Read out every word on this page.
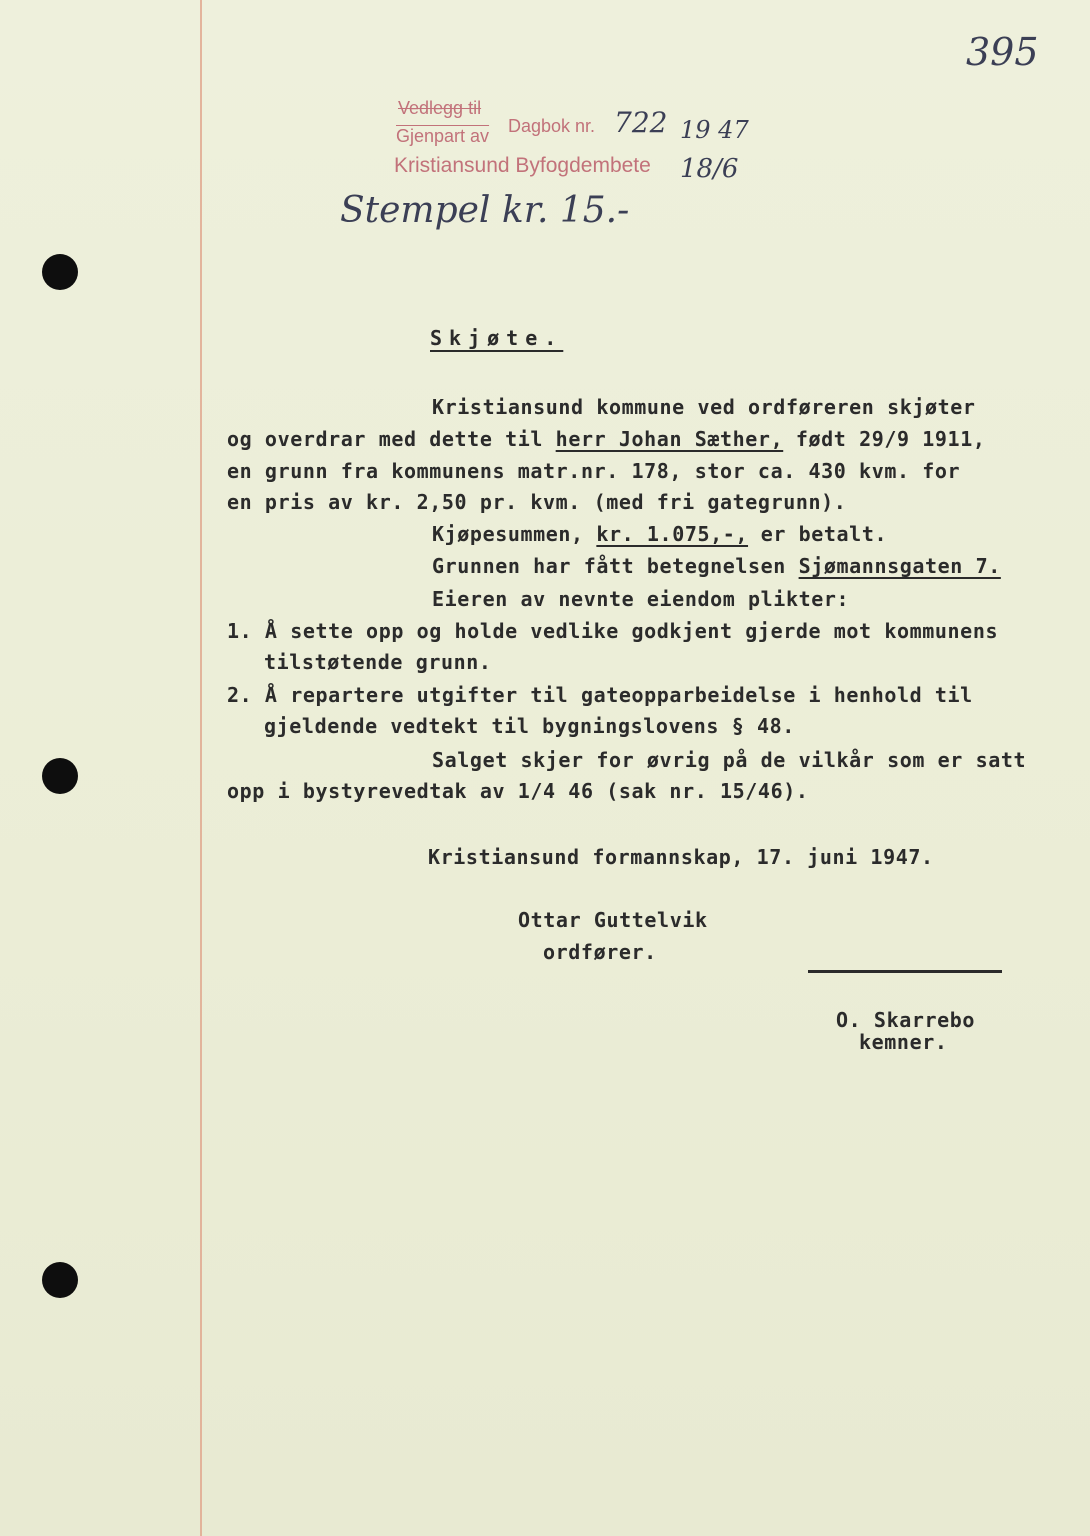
395
Vedlegg til
Gjenpart av Dagbok nr. 722 19 47
Kristiansund Byfogdembete 18/6
Stempel kr. 15.-
Skjøte.
Kristiansund kommune ved ordføreren skjøter
og overdrar med dette til herr Johan Sæther, født 29/9 1911,
en grunn fra kommunens matr.nr. 178, stor ca. 430 kvm. for
en pris av kr. 2,50 pr. kvm. (med fri gategrunn).
Kjøpesummen, kr. 1.075,-, er betalt.
Grunnen har fått betegnelsen Sjømannsgaten 7.
Eieren av nevnte eiendom plikter:
1. Å sette opp og holde vedlike godkjent gjerde mot kommunens
tilstøtende grunn.
2. Å repartere utgifter til gateopparbeidelse i henhold til
gjeldende vedtekt til bygningslovens § 48.
Salget skjer for øvrig på de vilkår som er satt
opp i bystyrevedtak av 1/4 46 (sak nr. 15/46).
Kristiansund formannskap, 17. juni 1947.
Ottar Guttelvik
ordfører.
O. Skarrebo
kemner.
